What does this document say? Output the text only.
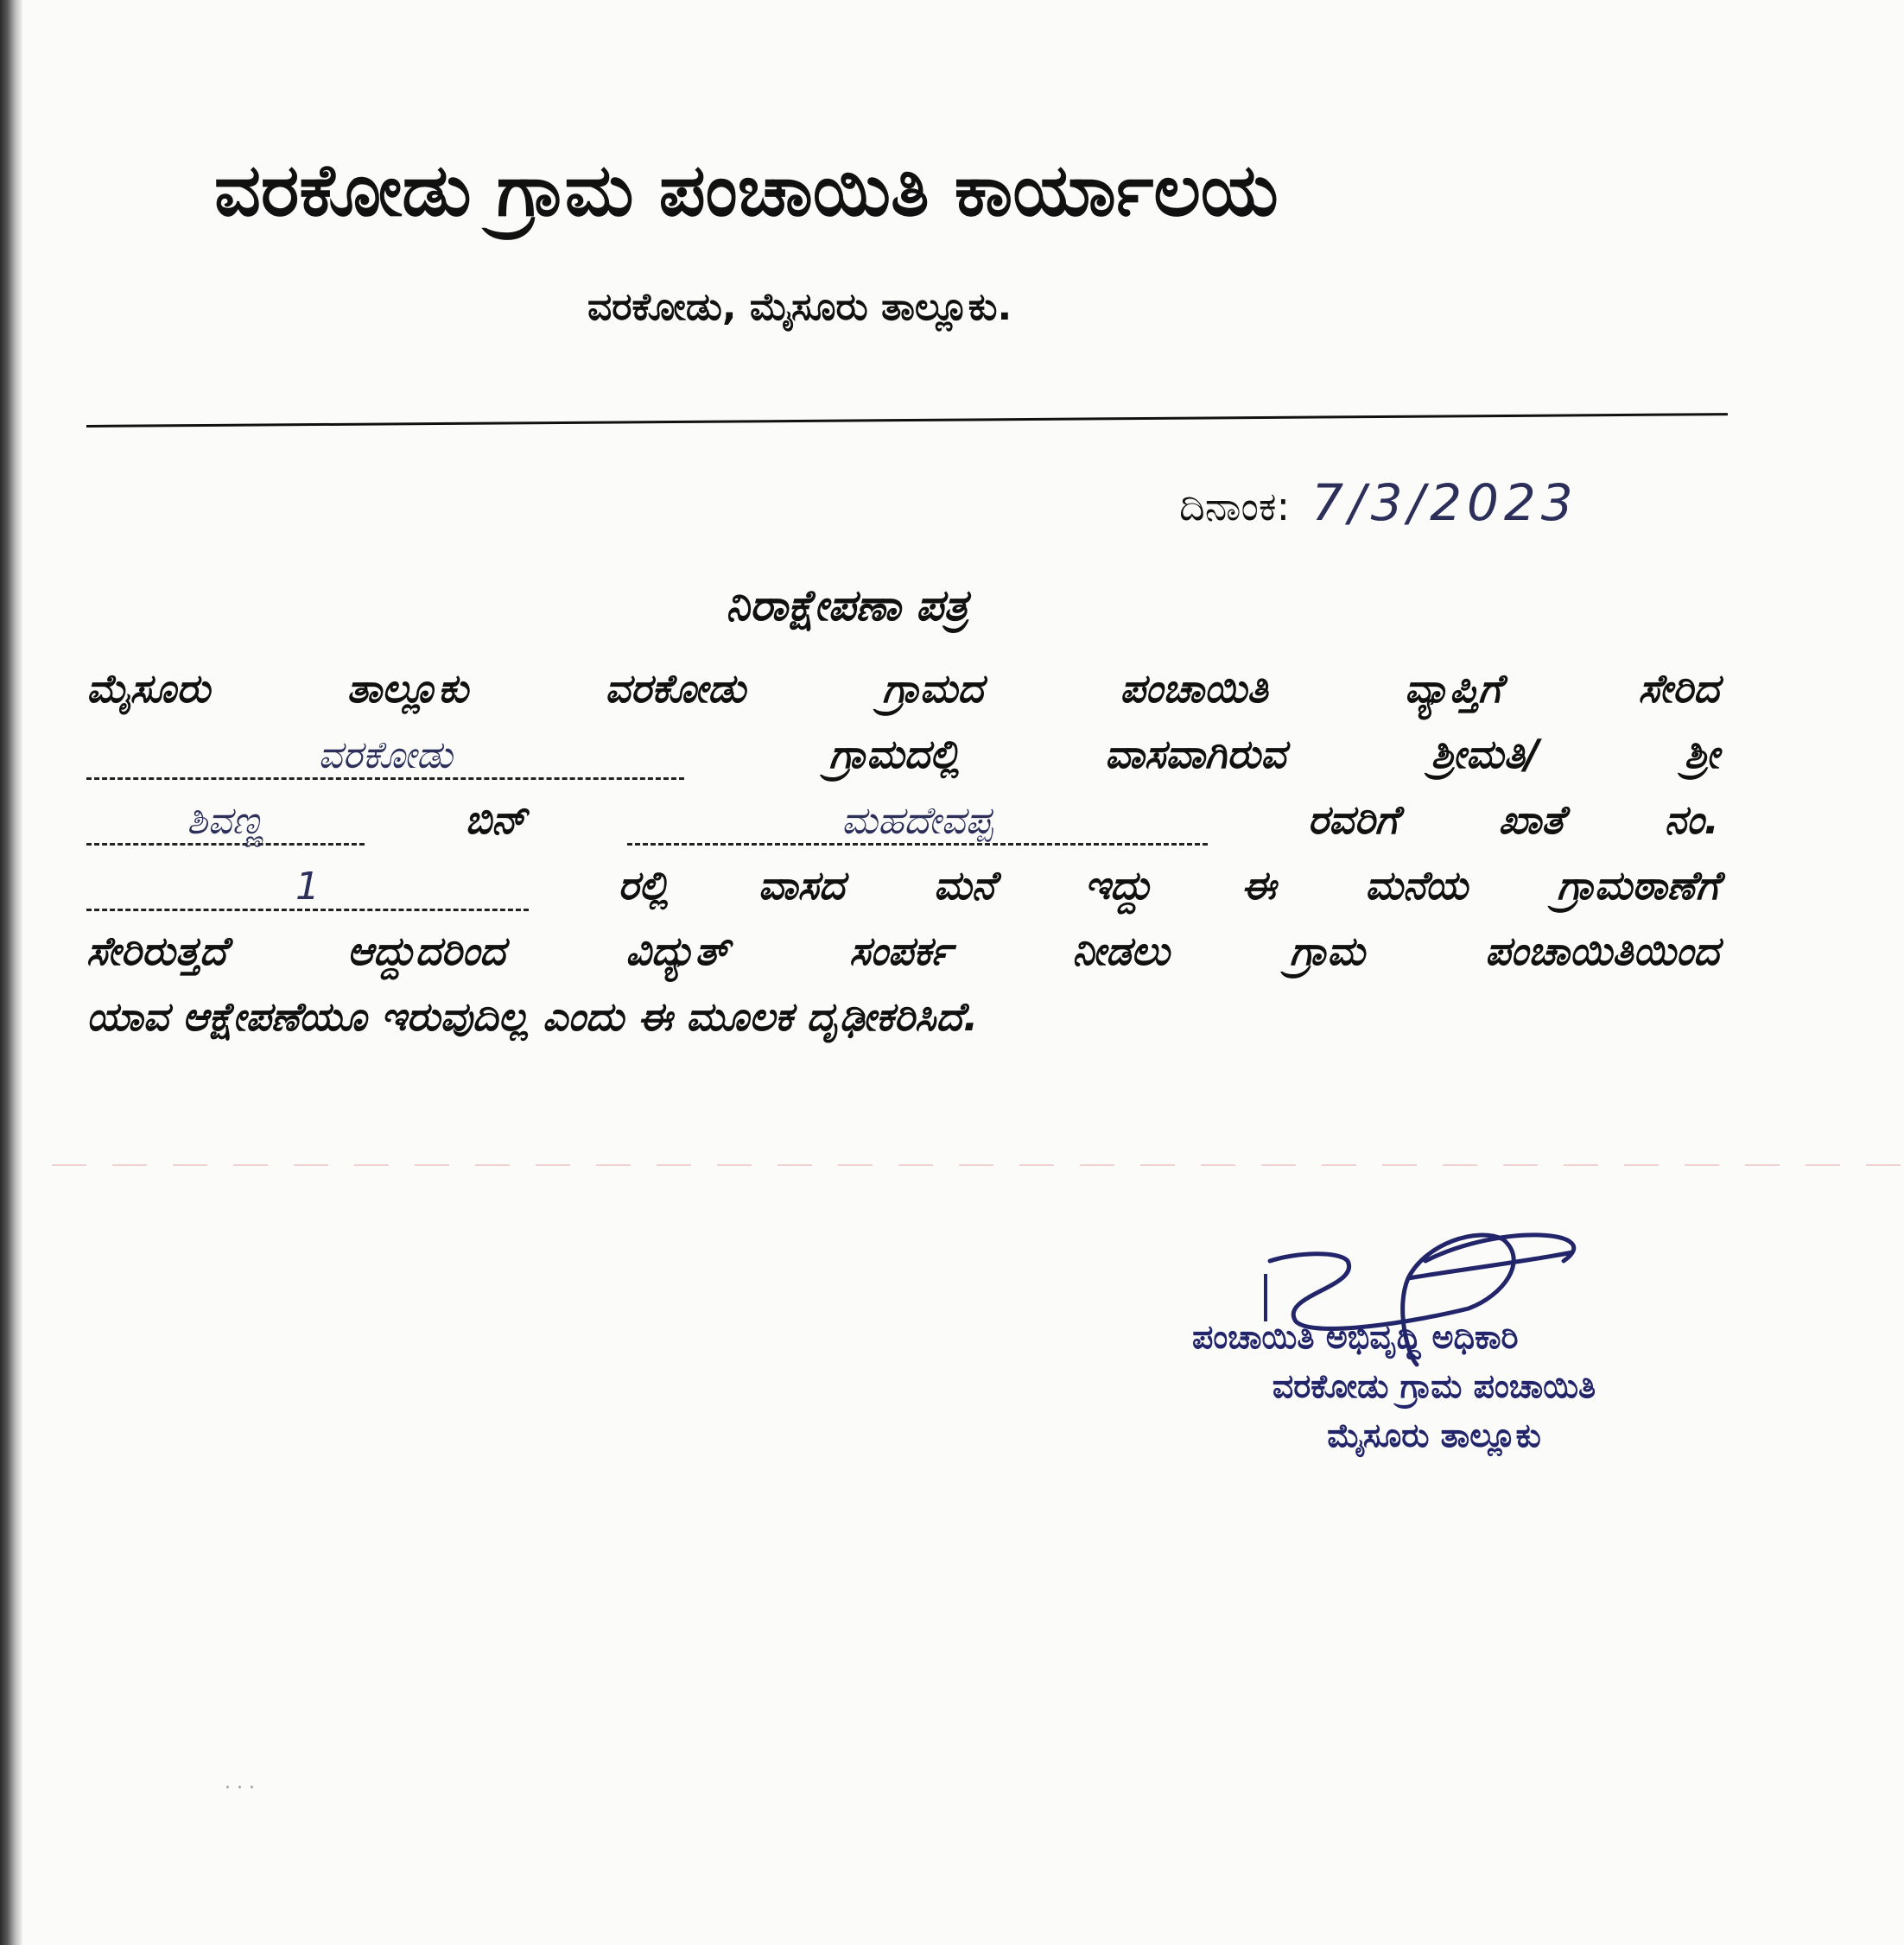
ವರಕೋಡು ಗ್ರಾಮ ಪಂಚಾಯಿತಿ ಕಾರ್ಯಾಲಯ
ವರಕೋಡು, ಮೈಸೂರು ತಾಲ್ಲೂಕು.
ದಿನಾಂಕ: 7/3/2023
ನಿರಾಕ್ಷೇಪಣಾ ಪತ್ರ
ಮೈಸೂರು	ತಾಲ್ಲೂಕು	ವರಕೋಡು	ಗ್ರಾಮದ	ಪಂಚಾಯಿತಿ	ವ್ಯಾಪ್ತಿಗೆ	ಸೇರಿದ
ವರಕೋಡು	ಗ್ರಾಮದಲ್ಲಿ	ವಾಸವಾಗಿರುವ	ಶ್ರೀಮತಿ/	ಶ್ರೀ
ಶಿವಣ್ಣ	ಬಿನ್	ಮಹದೇವಪ್ಪ	ರವರಿಗೆ	ಖಾತೆ	ನಂ.
1	ರಲ್ಲಿ ವಾಸದ ಮನೆ ಇದ್ದು ಈ ಮನೆಯ ಗ್ರಾಮಠಾಣೆಗೆ
ಸೇರಿರುತ್ತದೆ	ಆದ್ದುದರಿಂದ	ವಿದ್ಯುತ್	ಸಂಪರ್ಕ	ನೀಡಲು	ಗ್ರಾಮ	ಪಂಚಾಯಿತಿಯಿಂದ
ಯಾವ ಆಕ್ಷೇಪಣೆಯೂ ಇರುವುದಿಲ್ಲ ಎಂದು ಈ ಮೂಲಕ ದೃಢೀಕರಿಸಿದೆ.
ಪಂಚಾಯಿತಿ ಅಭಿವೃದ್ಧಿ ಅಧಿಕಾರಿ
ವರಕೋಡು ಗ್ರಾಮ ಪಂಚಾಯಿತಿ
ಮೈಸೂರು ತಾಲ್ಲೂಕು
· · ·
